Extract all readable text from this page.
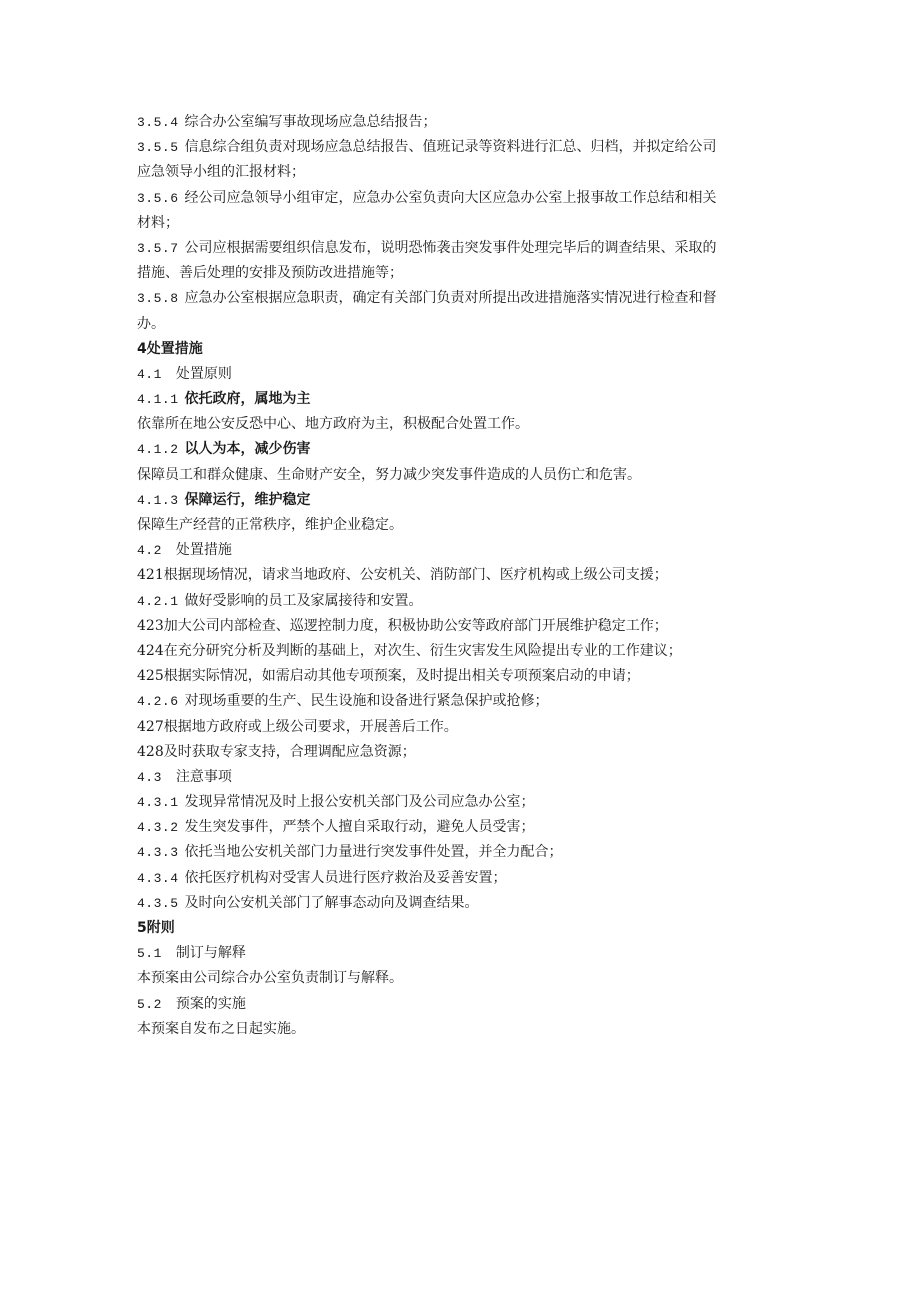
3.5.4 综合办公室编写事故现场应急总结报告；
3.5.5 信息综合组负责对现场应急总结报告、值班记录等资料进行汇总、归档，并拟定给公司
应急领导小组的汇报材料；
3.5.6 经公司应急领导小组审定，应急办公室负责向大区应急办公室上报事故工作总结和相关
材料；
3.5.7 公司应根据需要组织信息发布，说明恐怖袭击突发事件处理完毕后的调查结果、采取的
措施、善后处理的安排及预防改进措施等；
3.5.8 应急办公室根据应急职责，确定有关部门负责对所提出改进措施落实情况进行检查和督
办。
4处置措施
4.1 处置原则
4.1.1 依托政府，属地为主
依靠所在地公安反恐中心、地方政府为主，积极配合处置工作。
4.1.2 以人为本，减少伤害
保障员工和群众健康、生命财产安全，努力减少突发事件造成的人员伤亡和危害。
4.1.3 保障运行，维护稳定
保障生产经营的正常秩序，维护企业稳定。
4.2 处置措施
421根据现场情况，请求当地政府、公安机关、消防部门、医疗机构或上级公司支援；
4.2.1 做好受影响的员工及家属接待和安置。
423加大公司内部检查、巡逻控制力度，积极协助公安等政府部门开展维护稳定工作；
424在充分研究分析及判断的基础上，对次生、衍生灾害发生风险提出专业的工作建议；
425根据实际情况，如需启动其他专项预案，及时提出相关专项预案启动的申请；
4.2.6 对现场重要的生产、民生设施和设备进行紧急保护或抢修；
427根据地方政府或上级公司要求，开展善后工作。
428及时获取专家支持，合理调配应急资源；
4.3 注意事项
4.3.1 发现异常情况及时上报公安机关部门及公司应急办公室；
4.3.2 发生突发事件，严禁个人擅自采取行动，避免人员受害；
4.3.3 依托当地公安机关部门力量进行突发事件处置，并全力配合；
4.3.4 依托医疗机构对受害人员进行医疗救治及妥善安置；
4.3.5 及时向公安机关部门了解事态动向及调查结果。
5附则
5.1 制订与解释
本预案由公司综合办公室负责制订与解释。
5.2 预案的实施
本预案自发布之日起实施。
